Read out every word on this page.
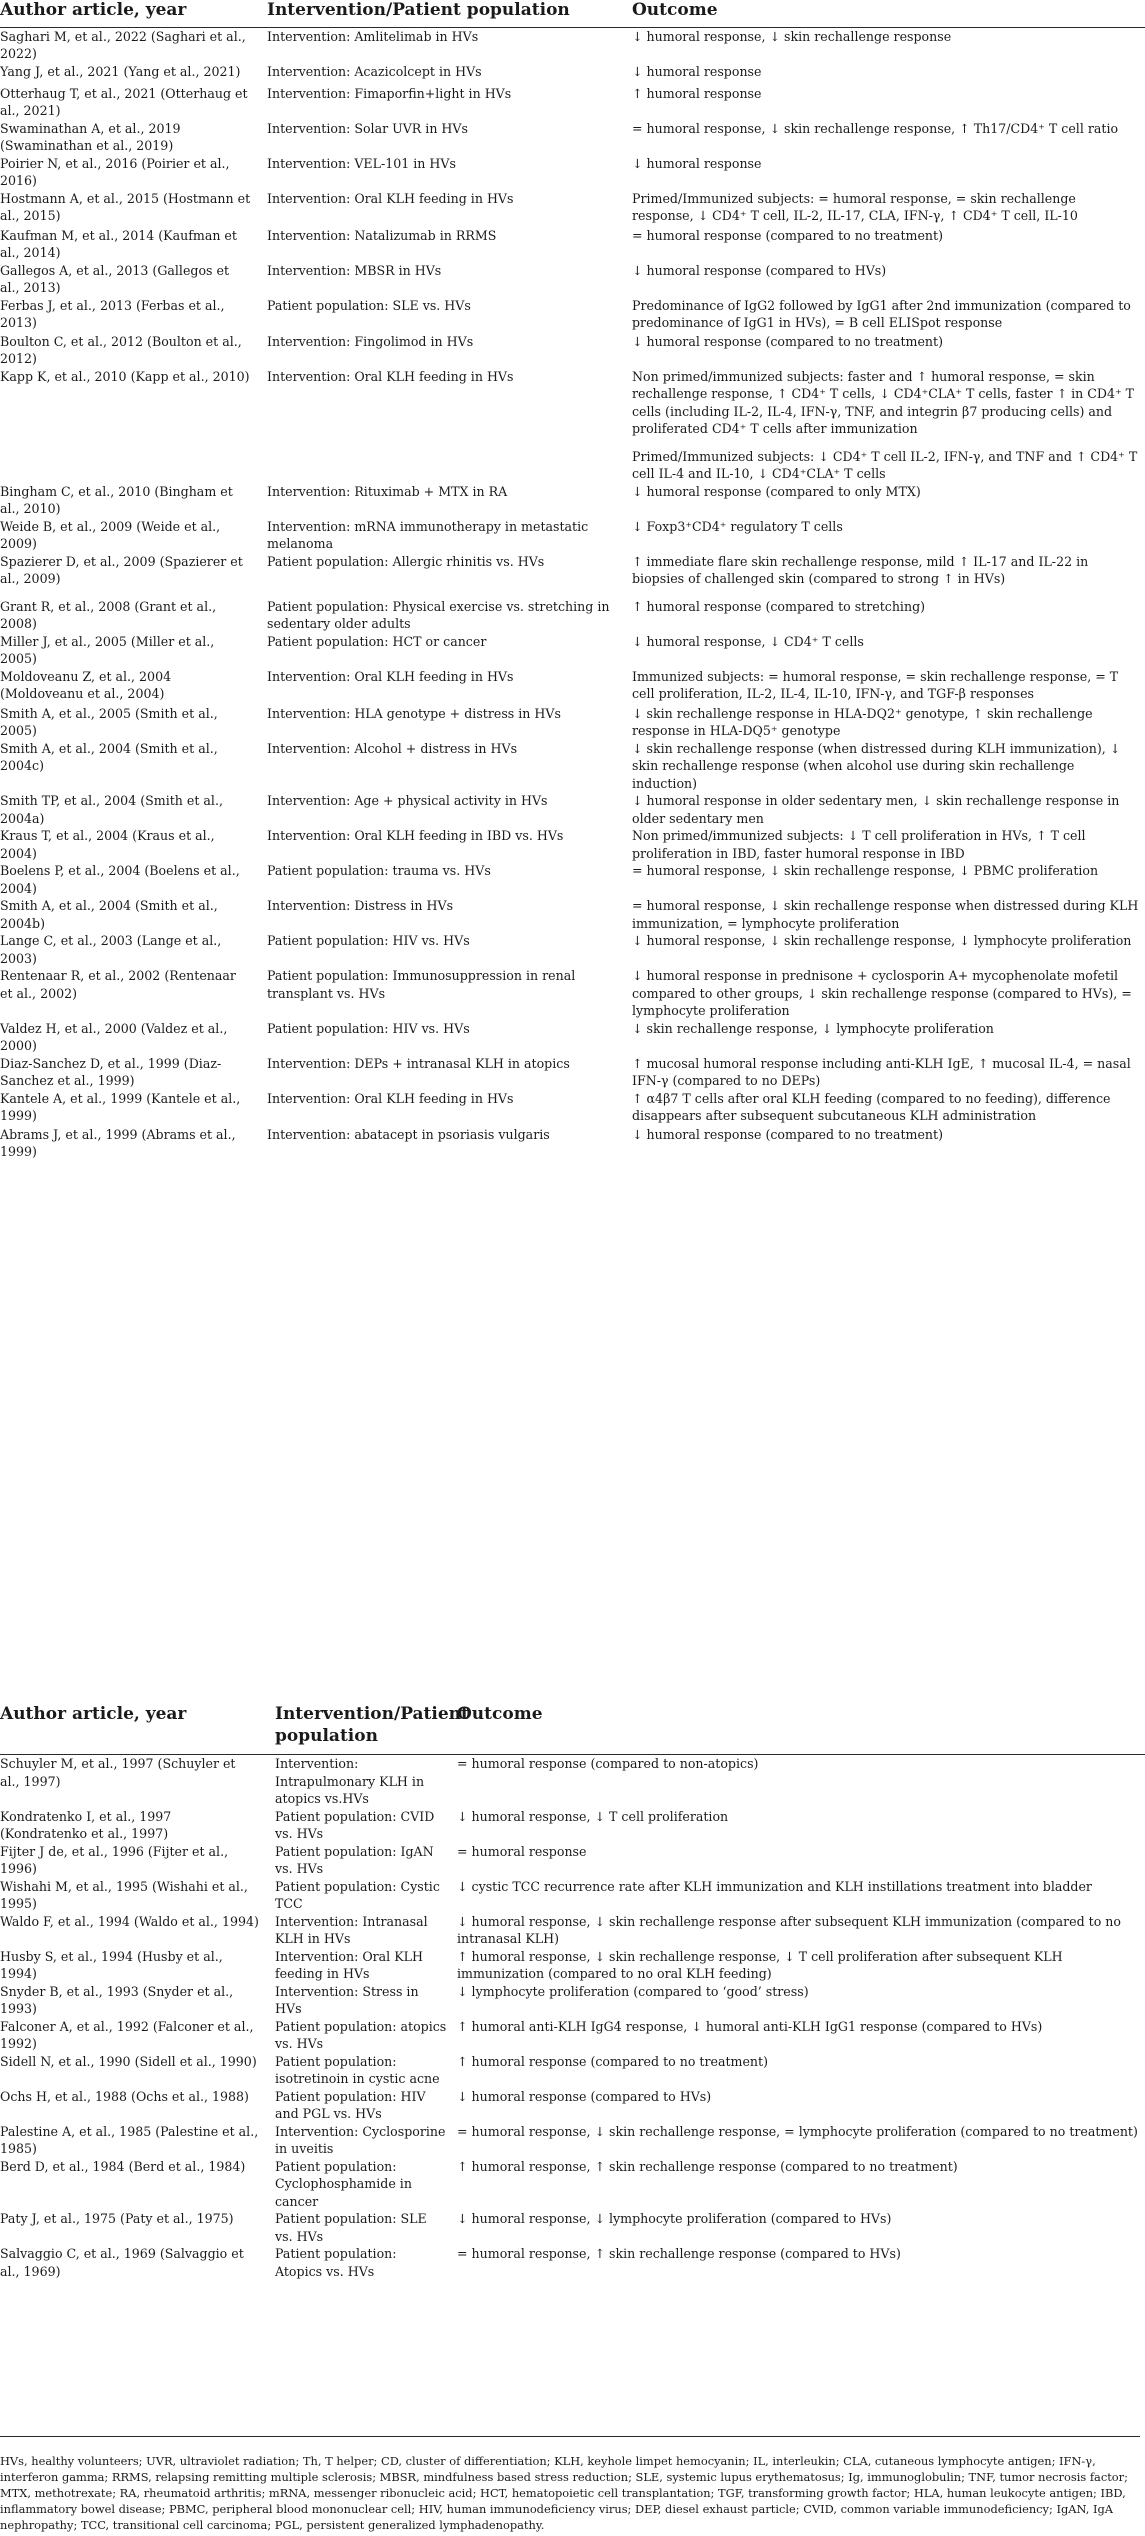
Author article, year	Intervention/Patient population	Outcome
Saghari M, et al., 2022 (Saghari et al., 2022)	Intervention: Amlitelimab in HVs	↓ humoral response, ↓ skin rechallenge response

Yang J, et al., 2021 (Yang et al., 2021)	Intervention: Acazicolcept in HVs	↓ humoral response

Otterhaug T, et al., 2021 (Otterhaug et al., 2021)	Intervention: Fimaporfin+light in HVs	↑ humoral response

Swaminathan A, et al., 2019 (Swaminathan et al., 2019)	Intervention: Solar UVR in HVs	= humoral response, ↓ skin rechallenge response, ↑ Th17/CD4⁺ T cell ratio

Poirier N, et al., 2016 (Poirier et al., 2016)	Intervention: VEL-101 in HVs	↓ humoral response

Hostmann A, et al., 2015 (Hostmann et al., 2015)	Intervention: Oral KLH feeding in HVs	Primed/Immunized subjects: = humoral response, = skin rechallenge response, ↓ CD4⁺ T cell, IL-2, IL-17, CLA, IFN-γ, ↑ CD4⁺ T cell, IL-10

Kaufman M, et al., 2014 (Kaufman et al., 2014)	Intervention: Natalizumab in RRMS	= humoral response (compared to no treatment)

Gallegos A, et al., 2013 (Gallegos et al., 2013)	Intervention: MBSR in HVs	↓ humoral response (compared to HVs)

Ferbas J, et al., 2013 (Ferbas et al., 2013)	Patient population: SLE vs. HVs	Predominance of IgG2 followed by IgG1 after 2nd immunization (compared to predominance of IgG1 in HVs), = B cell ELISpot response

Boulton C, et al., 2012 (Boulton et al., 2012)	Intervention: Fingolimod in HVs	↓ humoral response (compared to no treatment)

Kapp K, et al., 2010 (Kapp et al., 2010)	Intervention: Oral KLH feeding in HVs	Non primed/immunized subjects: faster and ↑ humoral response, = skin rechallenge response, ↑ CD4⁺ T cells, ↓ CD4⁺CLA⁺ T cells, faster ↑ in CD4⁺ T cells (including IL-2, IL-4, IFN-γ, TNF, and integrin β7 producing cells) and proliferated CD4⁺ T cells after immunization
Primed/Immunized subjects: ↓ CD4⁺ T cell IL-2, IFN-γ, and TNF and ↑ CD4⁺ T cell IL-4 and IL-10, ↓ CD4⁺CLA⁺ T cells

Bingham C, et al., 2010 (Bingham et al., 2010)	Intervention: Rituximab + MTX in RA	↓ humoral response (compared to only MTX)

Weide B, et al., 2009 (Weide et al., 2009)	Intervention: mRNA immunotherapy in metastatic melanoma	↓ Foxp3⁺CD4⁺ regulatory T cells

Spazierer D, et al., 2009 (Spazierer et al., 2009)	Patient population: Allergic rhinitis vs. HVs	↑ immediate flare skin rechallenge response, mild ↑ IL-17 and IL-22 in biopsies of challenged skin (compared to strong ↑ in HVs)

Grant R, et al., 2008 (Grant et al., 2008)	Patient population: Physical exercise vs. stretching in sedentary older adults	↑ humoral response (compared to stretching)

Miller J, et al., 2005 (Miller et al., 2005)	Patient population: HCT or cancer	↓ humoral response, ↓ CD4⁺ T cells

Moldoveanu Z, et al., 2004 (Moldoveanu et al., 2004)	Intervention: Oral KLH feeding in HVs	Immunized subjects: = humoral response, = skin rechallenge response, = T cell proliferation, IL-2, IL-4, IL-10, IFN-γ, and TGF-β responses

Smith A, et al., 2005 (Smith et al., 2005)	Intervention: HLA genotype + distress in HVs	↓ skin rechallenge response in HLA-DQ2⁺ genotype, ↑ skin rechallenge response in HLA-DQ5⁺ genotype

Smith A, et al., 2004 (Smith et al., 2004c)	Intervention: Alcohol + distress in HVs	↓ skin rechallenge response (when distressed during KLH immunization), ↓ skin rechallenge response (when alcohol use during skin rechallenge induction)

Smith TP, et al., 2004 (Smith et al., 2004a)	Intervention: Age + physical activity in HVs	↓ humoral response in older sedentary men, ↓ skin rechallenge response in older sedentary men

Kraus T, et al., 2004 (Kraus et al., 2004)	Intervention: Oral KLH feeding in IBD vs. HVs	Non primed/immunized subjects: ↓ T cell proliferation in HVs, ↑ T cell proliferation in IBD, faster humoral response in IBD

Boelens P, et al., 2004 (Boelens et al., 2004)	Patient population: trauma vs. HVs	= humoral response, ↓ skin rechallenge response, ↓ PBMC proliferation

Smith A, et al., 2004 (Smith et al., 2004b)	Intervention: Distress in HVs	= humoral response, ↓ skin rechallenge response when distressed during KLH immunization, = lymphocyte proliferation

Lange C, et al., 2003 (Lange et al., 2003)	Patient population: HIV vs. HVs	↓ humoral response, ↓ skin rechallenge response, ↓ lymphocyte proliferation

Rentenaar R, et al., 2002 (Rentenaar et al., 2002)	Patient population: Immunosuppression in renal transplant vs. HVs	↓ humoral response in prednisone + cyclosporin A+ mycophenolate mofetil compared to other groups, ↓ skin rechallenge response (compared to HVs), = lymphocyte proliferation

Valdez H, et al., 2000 (Valdez et al., 2000)	Patient population: HIV vs. HVs	↓ skin rechallenge response, ↓ lymphocyte proliferation

Diaz-Sanchez D, et al., 1999 (Diaz-Sanchez et al., 1999)	Intervention: DEPs + intranasal KLH in atopics	↑ mucosal humoral response including anti-KLH IgE, ↑ mucosal IL-4, = nasal IFN-γ (compared to no DEPs)

Kantele A, et al., 1999 (Kantele et al., 1999)	Intervention: Oral KLH feeding in HVs	↑ α4β7 T cells after oral KLH feeding (compared to no feeding), difference disappears after subsequent subcutaneous KLH administration

Abrams J, et al., 1999 (Abrams et al., 1999)	Intervention: abatacept in psoriasis vulgaris	↓ humoral response (compared to no treatment)
Author article, year	Intervention/Patient population	Outcome
Schuyler M, et al., 1997 (Schuyler et al., 1997)	Intervention: Intrapulmonary KLH in atopics vs.HVs	= humoral response (compared to non-atopics)
Kondratenko I, et al., 1997 (Kondratenko et al., 1997)	Patient population: CVID vs. HVs	↓ humoral response, ↓ T cell proliferation
Fijter J de, et al., 1996 (Fijter et al., 1996)	Patient population: IgAN vs. HVs	= humoral response
Wishahi M, et al., 1995 (Wishahi et al., 1995)	Patient population: Cystic TCC	↓ cystic TCC recurrence rate after KLH immunization and KLH instillations treatment into bladder
Waldo F, et al., 1994 (Waldo et al., 1994)	Intervention: Intranasal KLH in HVs	↓ humoral response, ↓ skin rechallenge response after subsequent KLH immunization (compared to no intranasal KLH)
Husby S, et al., 1994 (Husby et al., 1994)	Intervention: Oral KLH feeding in HVs	↑ humoral response, ↓ skin rechallenge response, ↓ T cell proliferation after subsequent KLH immunization (compared to no oral KLH feeding)
Snyder B, et al., 1993 (Snyder et al., 1993)	Intervention: Stress in HVs	↓ lymphocyte proliferation (compared to ‘good’ stress)
Falconer A, et al., 1992 (Falconer et al., 1992)	Patient population: atopics vs. HVs	↑ humoral anti-KLH IgG4 response, ↓ humoral anti-KLH IgG1 response (compared to HVs)
Sidell N, et al., 1990 (Sidell et al., 1990)	Patient population: isotretinoin in cystic acne	↑ humoral response (compared to no treatment)
Ochs H, et al., 1988 (Ochs et al., 1988)	Patient population: HIV and PGL vs. HVs	↓ humoral response (compared to HVs)
Palestine A, et al., 1985 (Palestine et al., 1985)	Intervention: Cyclosporine in uveitis	= humoral response, ↓ skin rechallenge response, = lymphocyte proliferation (compared to no treatment)
Berd D, et al., 1984 (Berd et al., 1984)	Patient population: Cyclophosphamide in cancer	↑ humoral response, ↑ skin rechallenge response (compared to no treatment)
Paty J, et al., 1975 (Paty et al., 1975)	Patient population: SLE vs. HVs	↓ humoral response, ↓ lymphocyte proliferation (compared to HVs)
Salvaggio C, et al., 1969 (Salvaggio et al., 1969)	Patient population: Atopics vs. HVs	= humoral response, ↑ skin rechallenge response (compared to HVs)
HVs, healthy volunteers; UVR, ultraviolet radiation; Th, T helper; CD, cluster of differentiation; KLH, keyhole limpet hemocyanin; IL, interleukin; CLA, cutaneous lymphocyte antigen; IFN-γ, interferon gamma; RRMS, relapsing remitting multiple sclerosis; MBSR, mindfulness based stress reduction; SLE, systemic lupus erythematosus; Ig, immunoglobulin; TNF, tumor necrosis factor; MTX, methotrexate; RA, rheumatoid arthritis; mRNA, messenger ribonucleic acid; HCT, hematopoietic cell transplantation; TGF, transforming growth factor; HLA, human leukocyte antigen; IBD, inflammatory bowel disease; PBMC, peripheral blood mononuclear cell; HIV, human immunodeficiency virus; DEP, diesel exhaust particle; CVID, common variable immunodeficiency; IgAN, IgA nephropathy; TCC, transitional cell carcinoma; PGL, persistent generalized lymphadenopathy.
